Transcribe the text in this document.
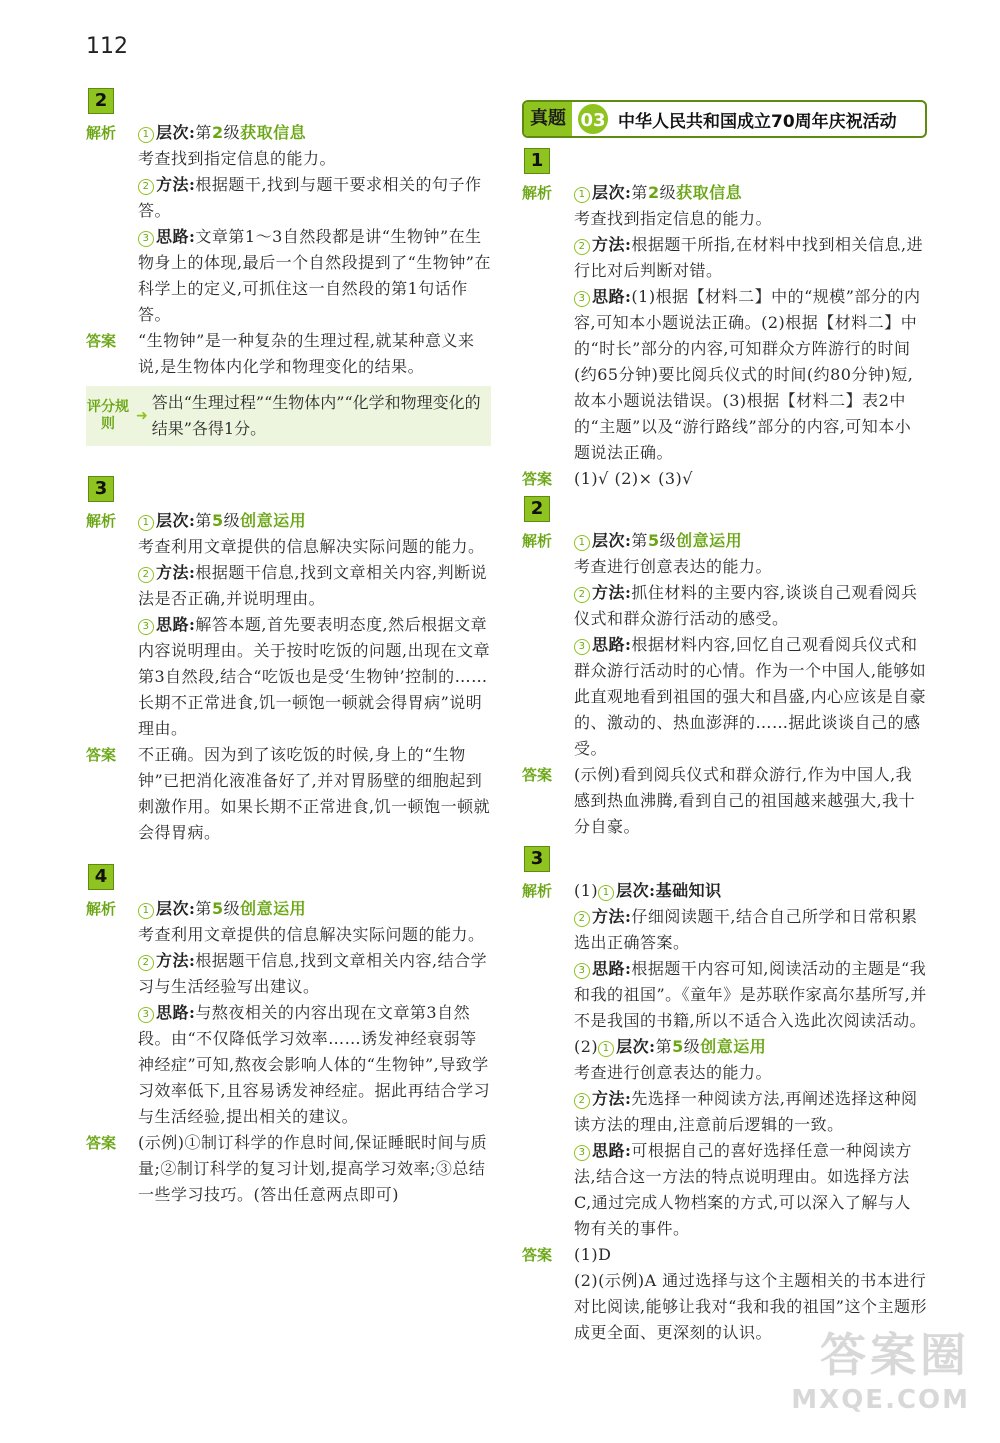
112
2
解析	1 层次:第2级获取信息

考查找到指定信息的能力。

2 方法:根据题干,找到与题干要求相关的句子作答。

3 思路:文章第1～3自然段都是讲“生物钟”在生物身上的体现,最后一个自然段提到了“生物钟”在科学上的定义,可抓住这一自然段的第1句话作答。

答案	“生物钟”是一种复杂的生理过程,就某种意义来说,是生物体内化学和物理变化的结果。
评分规则	➜
答出“生理过程”“生物体内”“化学和物理变化的结果”各得1分。
3
解析	1 层次:第5级创意运用

考查利用文章提供的信息解决实际问题的能力。

2 方法:根据题干信息,找到文章相关内容,判断说法是否正确,并说明理由。

3 思路:解答本题,首先要表明态度,然后根据文章内容说明理由。关于按时吃饭的问题,出现在文章第3自然段,结合“吃饭也是受‘生物钟’控制的……长期不正常进食,饥一顿饱一顿就会得胃病”说明理由。

答案	不正确。因为到了该吃饭的时候,身上的“生物钟”已把消化液准备好了,并对胃肠壁的细胞起到刺激作用。如果长期不正常进食,饥一顿饱一顿就会得胃病。
4
解析	1 层次:第5级创意运用

考查利用文章提供的信息解决实际问题的能力。

2 方法:根据题干信息,找到文章相关内容,结合学习与生活经验写出建议。

3 思路:与熬夜相关的内容出现在文章第3自然段。由“不仅降低学习效率……诱发神经衰弱等神经症”可知,熬夜会影响人体的“生物钟”,导致学习效率低下,且容易诱发神经症。据此再结合学习与生活经验,提出相关的建议。

答案	(示例)①制订科学的作息时间,保证睡眠时间与质量;②制订科学的复习计划,提高学习效率;③总结一些学习技巧。(答出任意两点即可)
真题 03 中华人民共和国成立70周年庆祝活动
1
解析	1 层次:第2级获取信息

考查找到指定信息的能力。

2 方法:根据题干所指,在材料中找到相关信息,进行比对后判断对错。

3 思路:(1)根据【材料二】中的“规模”部分的内容,可知本小题说法正确。(2)根据【材料二】中的“时长”部分的内容,可知群众方阵游行的时间(约65分钟)要比阅兵仪式的时间(约80分钟)短,故本小题说法错误。(3)根据【材料二】表2中的“主题”以及“游行路线”部分的内容,可知本小题说法正确。

答案	(1)√ (2)× (3)√
2
解析	1 层次:第5级创意运用

考查进行创意表达的能力。

2 方法:抓住材料的主要内容,谈谈自己观看阅兵仪式和群众游行活动的感受。

3 思路:根据材料内容,回忆自己观看阅兵仪式和群众游行活动时的心情。作为一个中国人,能够如此直观地看到祖国的强大和昌盛,内心应该是自豪的、激动的、热血澎湃的……据此谈谈自己的感受。

答案	(示例)看到阅兵仪式和群众游行,作为中国人,我感到热血沸腾,看到自己的祖国越来越强大,我十分自豪。
3
解析	(1) 1 层次:基础知识

2 方法:仔细阅读题干,结合自己所学和日常积累选出正确答案。

3 思路:根据题干内容可知,阅读活动的主题是“我和我的祖国”。《童年》是苏联作家高尔基所写,并不是我国的书籍,所以不适合入选此次阅读活动。

(2) 1 层次:第5级创意运用

考查进行创意表达的能力。

2 方法:先选择一种阅读方法,再阐述选择这种阅读方法的理由,注意前后逻辑的一致。

3 思路:可根据自己的喜好选择任意一种阅读方法,结合这一方法的特点说明理由。如选择方法C,通过完成人物档案的方式,可以深入了解与人物有关的事件。

答案	(1)D

(2)(示例)A 通过选择与这个主题相关的书本进行对比阅读,能够让我对“我和我的祖国”这个主题形成更全面、更深刻的认识。	答案圈
MXQE.COM
